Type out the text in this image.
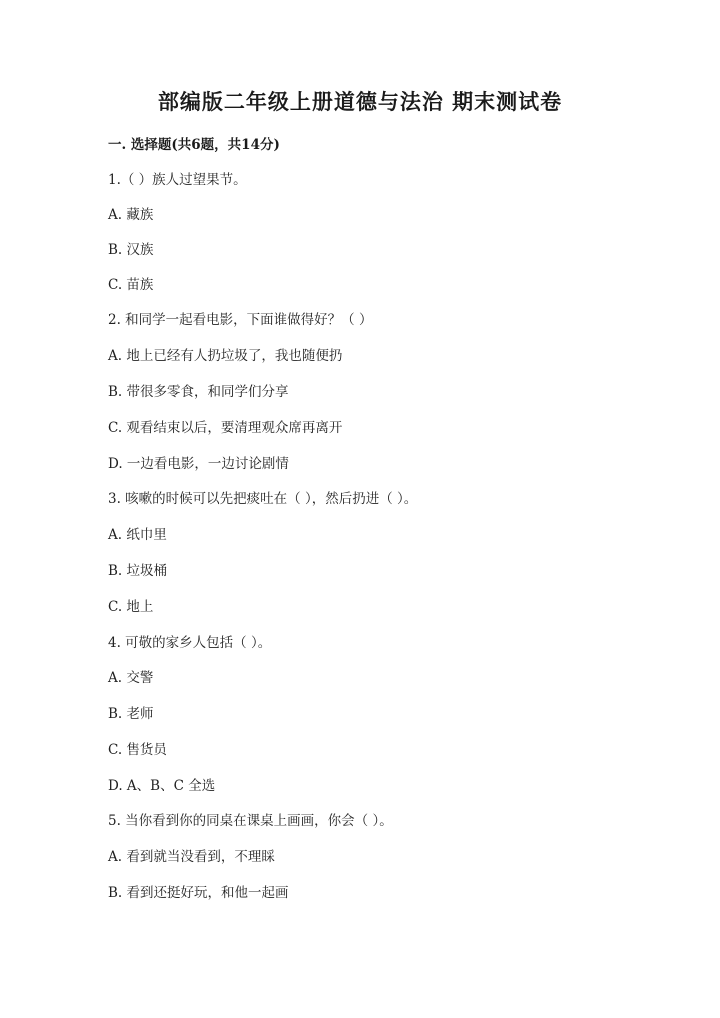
部编版二年级上册道德与法治 期末测试卷
一. 选择题(共6题，共14分)
1.（ ）族人过望果节。
A. 藏族
B. 汉族
C. 苗族
2. 和同学一起看电影，下面谁做得好？（ ）
A. 地上已经有人扔垃圾了，我也随便扔
B. 带很多零食，和同学们分享
C. 观看结束以后，要清理观众席再离开
D. 一边看电影，一边讨论剧情
3. 咳嗽的时候可以先把痰吐在（ ），然后扔进（ ）。
A. 纸巾里
B. 垃圾桶
C. 地上
4. 可敬的家乡人包括（ ）。
A. 交警
B. 老师
C. 售货员
D. A、B、C 全选
5. 当你看到你的同桌在课桌上画画，你会（ ）。
A. 看到就当没看到，不理睬
B. 看到还挺好玩，和他一起画
